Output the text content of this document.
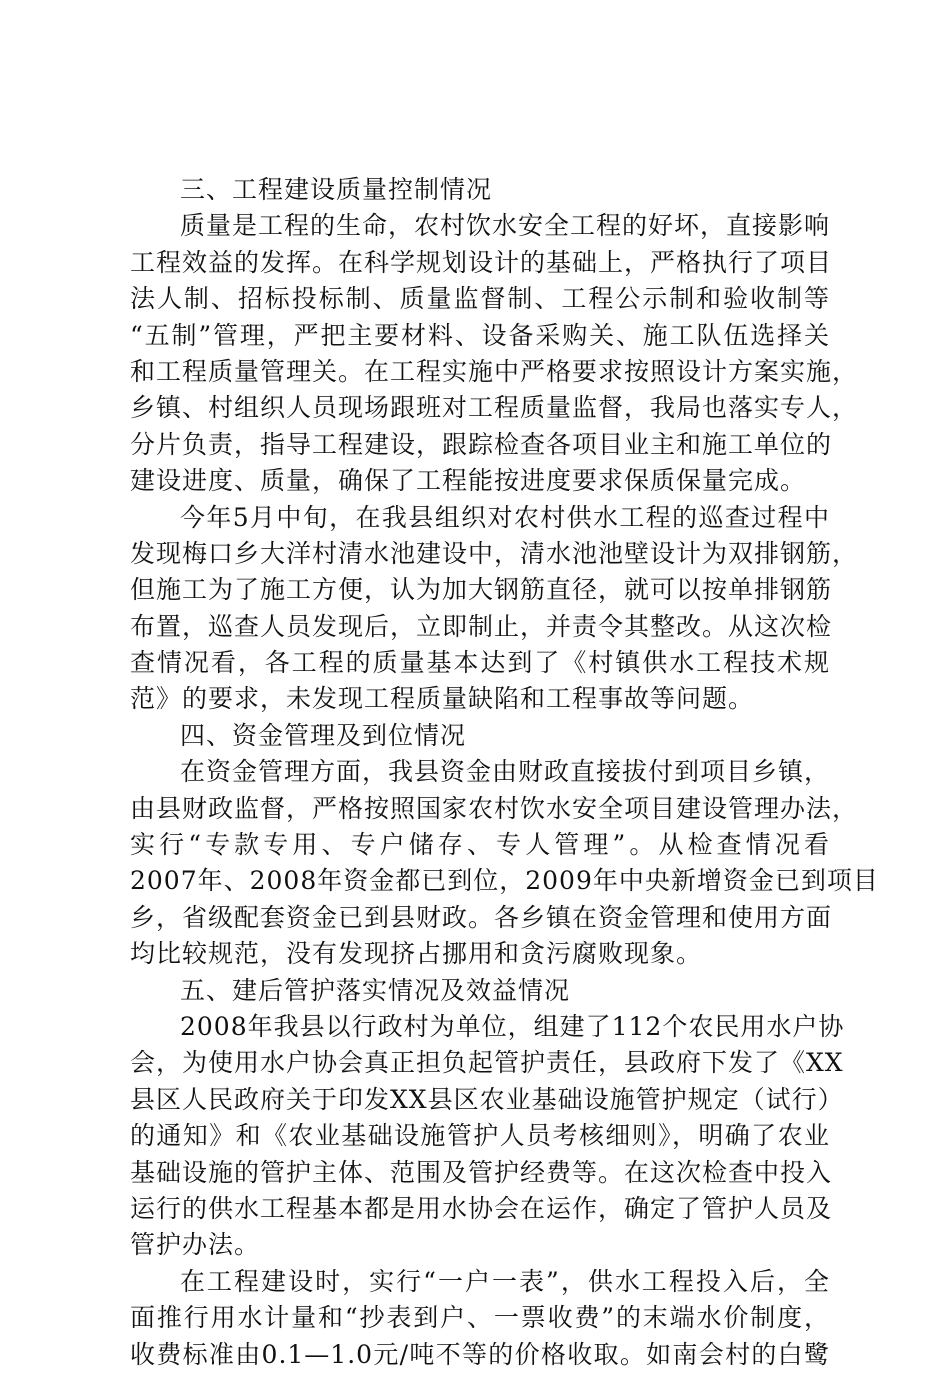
三、工程建设质量控制情况
质量是工程的生命，农村饮水安全工程的好坏，直接影响
工程效益的发挥。在科学规划设计的基础上，严格执行了项目
法人制、招标投标制、质量监督制、工程公示制和验收制等
“五制”管理，严把主要材料、设备采购关、施工队伍选择关
和工程质量管理关。在工程实施中严格要求按照设计方案实施，
乡镇、村组织人员现场跟班对工程质量监督，我局也落实专人，
分片负责，指导工程建设，跟踪检查各项目业主和施工单位的
建设进度、质量，确保了工程能按进度要求保质保量完成。
今年5月中旬，在我县组织对农村供水工程的巡查过程中
发现梅口乡大洋村清水池建设中，清水池池壁设计为双排钢筋，
但施工为了施工方便，认为加大钢筋直径，就可以按单排钢筋
布置，巡查人员发现后，立即制止，并责令其整改。从这次检
查情况看，各工程的质量基本达到了《村镇供水工程技术规
范》的要求，未发现工程质量缺陷和工程事故等问题。
四、资金管理及到位情况
在资金管理方面，我县资金由财政直接拔付到项目乡镇，
由县财政监督，严格按照国家农村饮水安全项目建设管理办法，
实行“专款专用、专户储存、专人管理”。从检查情况看
2007年、2008年资金都已到位，2009年中央新增资金已到项目
乡，省级配套资金已到县财政。各乡镇在资金管理和使用方面
均比较规范，没有发现挤占挪用和贪污腐败现象。
五、建后管护落实情况及效益情况
2008年我县以行政村为单位，组建了112个农民用水户协
会，为使用水户协会真正担负起管护责任，县政府下发了《XX
县区人民政府关于印发XX县区农业基础设施管护规定（试行）
的通知》和《农业基础设施管护人员考核细则》，明确了农业
基础设施的管护主体、范围及管护经费等。在这次检查中投入
运行的供水工程基本都是用水协会在运作，确定了管护人员及
管护办法。
在工程建设时，实行“一户一表”，供水工程投入后，全
面推行用水计量和“抄表到户、一票收费”的末端水价制度，
收费标准由0.1—1.0元/吨不等的价格收取。如南会村的白鹭
